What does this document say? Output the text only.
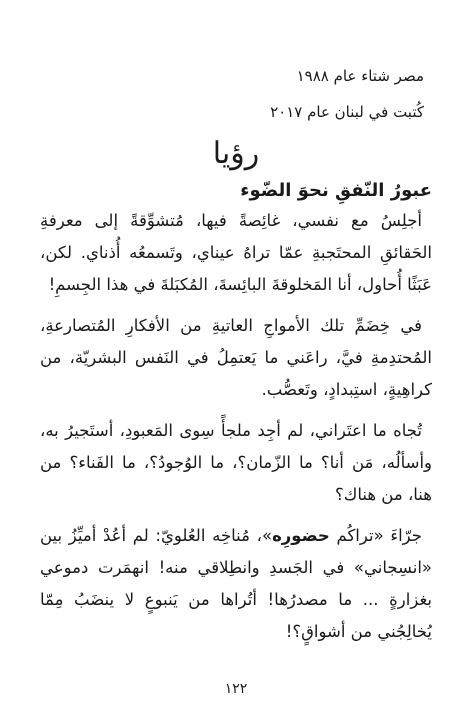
مصر شتاء عام ١٩٨٨
كُتبت في لبنان عام ٢٠١٧
رؤيا
عبورُ النّفقِ نحوَ الضّوء

أجلِسُ مع نفسي، غائِصةً فيها، مُتشوِّقةً إلى معرفةِ الحَقائقِ المحتَجبةِ عمّا تراهُ عيناي، وتَسمعُه أُذناي. لكن، عَبَثًا أُحاول، أنا المَخلوقةَ البائِسةَ، المُكبَلةَ في هذا الجِسمِ!

في خِضَمِّ تلك الأمواجِ العاتيةِ من الأفكارِ المُتصارعةِ، المُحتدِمةِ فيَّ، راعَني ما يَعتمِلُ في النَفس البشريّة، من كراهِيةٍ، استِبدادٍ، وتَعصُّب.

تُجاه ما اعتَراني، لم أجِد ملجأً سِوى المَعبودِ، أستَجيرُ به، وأسألُه، مَن أنا؟ ما الزّمان؟، ما الوُجودُ؟، ما الفَناء؟ من هنا، من هناك؟

جرّاءَ «تراكُم حضورِه»، مُناخِه العُلويّ: لم أعُدْ أميِّزُ بين «انسِجاني» في الجَسدِ وانطِلاقي منه! انهمَرت دموعي بغزارةٍ ... ما مصدرُها! أتُراها من يَنبوعٍ لا ينضَبُ مِمّا يُخالِجُني من أشواقٍ؟!

١٢٢
